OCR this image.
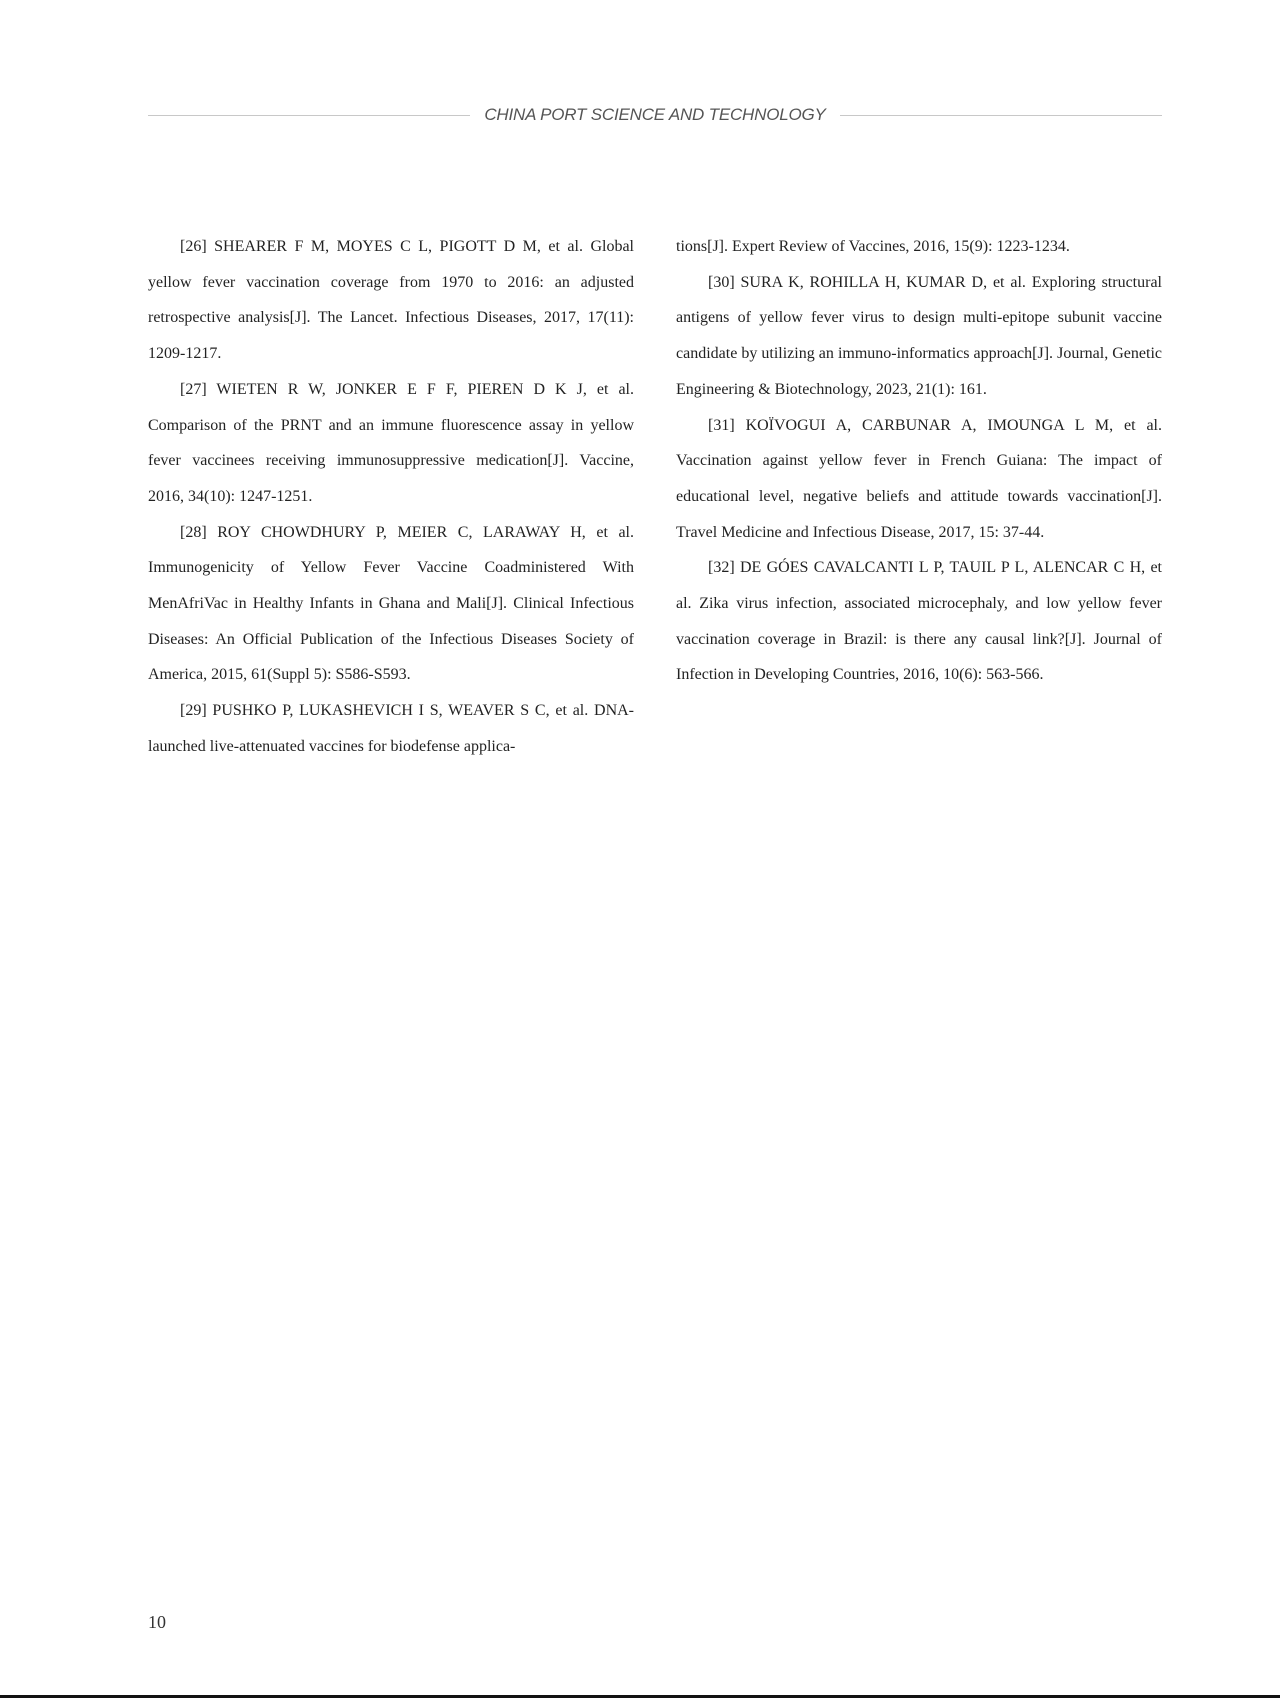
CHINA PORT SCIENCE AND TECHNOLOGY

[26] SHEARER F M, MOYES C L, PIGOTT D M, et al. Global yellow fever vaccination coverage from 1970 to 2016: an adjusted retrospective analysis[J]. The Lancet. Infectious Diseases, 2017, 17(11): 1209-1217.

[27] WIETEN R W, JONKER E F F, PIEREN D K J, et al. Comparison of the PRNT and an immune fluorescence assay in yellow fever vaccinees receiving immunosuppressive medication[J]. Vaccine, 2016, 34(10): 1247-1251.

[28] ROY CHOWDHURY P, MEIER C, LARAWAY H, et al. Immunogenicity of Yellow Fever Vaccine Coadministered With MenAfriVac in Healthy Infants in Ghana and Mali[J]. Clinical Infectious Diseases: An Official Publication of the Infectious Diseases Society of America, 2015, 61(Suppl 5): S586-S593.

[29] PUSHKO P, LUKASHEVICH I S, WEAVER S C, et al. DNA-launched live-attenuated vaccines for biodefense applica-

tions[J]. Expert Review of Vaccines, 2016, 15(9): 1223-1234.

[30] SURA K, ROHILLA H, KUMAR D, et al. Exploring structural antigens of yellow fever virus to design multi-epitope subunit vaccine candidate by utilizing an immuno-informatics approach[J]. Journal, Genetic Engineering & Biotechnology, 2023, 21(1): 161.

[31] KOÏVOGUI A, CARBUNAR A, IMOUNGA L M, et al. Vaccination against yellow fever in French Guiana: The impact of educational level, negative beliefs and attitude towards vaccination[J]. Travel Medicine and Infectious Disease, 2017, 15: 37-44.

[32] DE GÓES CAVALCANTI L P, TAUIL P L, ALENCAR C H, et al. Zika virus infection, associated microcephaly, and low yellow fever vaccination coverage in Brazil: is there any causal link?[J]. Journal of Infection in Developing Countries, 2016, 10(6): 563-566.

10
